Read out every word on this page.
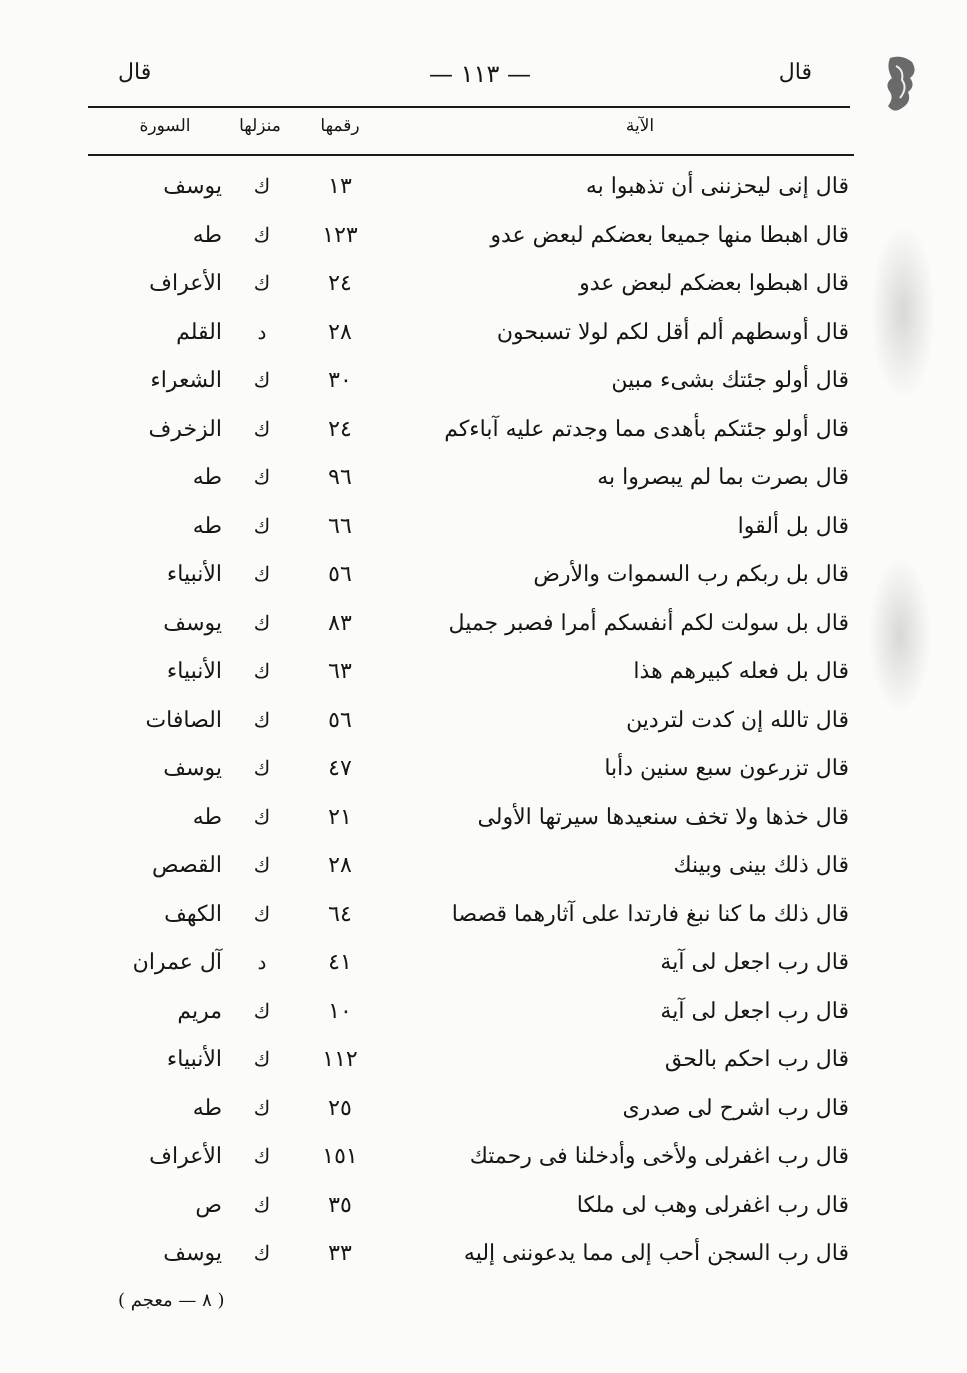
قال
— ١١٣ —
قال
الآية
رقمها
منزلها
السورة
قال إنى ليحزننى أن تذهبوا به
١٣
ك
يوسف
قال اهبطا منها جميعا بعضكم لبعض عدو
١٢٣
ك
طه
قال اهبطوا بعضكم لبعض عدو
٢٤
ك
الأعراف
قال أوسطهم ألم أقل لكم لولا تسبحون
٢٨
د
القلم
قال أولو جئتك بشىء مبين
٣٠
ك
الشعراء
قال أولو جئتكم بأهدى مما وجدتم عليه آباءكم
٢٤
ك
الزخرف
قال بصرت بما لم يبصروا به
٩٦
ك
طه
قال بل ألقوا
٦٦
ك
طه
قال بل ربكم رب السموات والأرض
٥٦
ك
الأنبياء
قال بل سولت لكم أنفسكم أمرا فصبر جميل
٨٣
ك
يوسف
قال بل فعله كبيرهم هذا
٦٣
ك
الأنبياء
قال تالله إن كدت لتردين
٥٦
ك
الصافات
قال تزرعون سبع سنين دأبا
٤٧
ك
يوسف
قال خذها ولا تخف سنعيدها سيرتها الأولى
٢١
ك
طه
قال ذلك بينى وبينك
٢٨
ك
القصص
قال ذلك ما كنا نبغ فارتدا على آثارهما قصصا
٦٤
ك
الكهف
قال رب اجعل لى آية
٤١
د
آل عمران
قال رب اجعل لى آية
١٠
ك
مريم
قال رب احكم بالحق
١١٢
ك
الأنبياء
قال رب اشرح لى صدرى
٢٥
ك
طه
قال رب اغفرلى ولأخى وأدخلنا فى رحمتك
١٥١
ك
الأعراف
قال رب اغفرلى وهب لى ملكا
٣٥
ك
ص
قال رب السجن أحب إلى مما يدعوننى إليه
٣٣
ك
يوسف
( ٨ — معجم )
